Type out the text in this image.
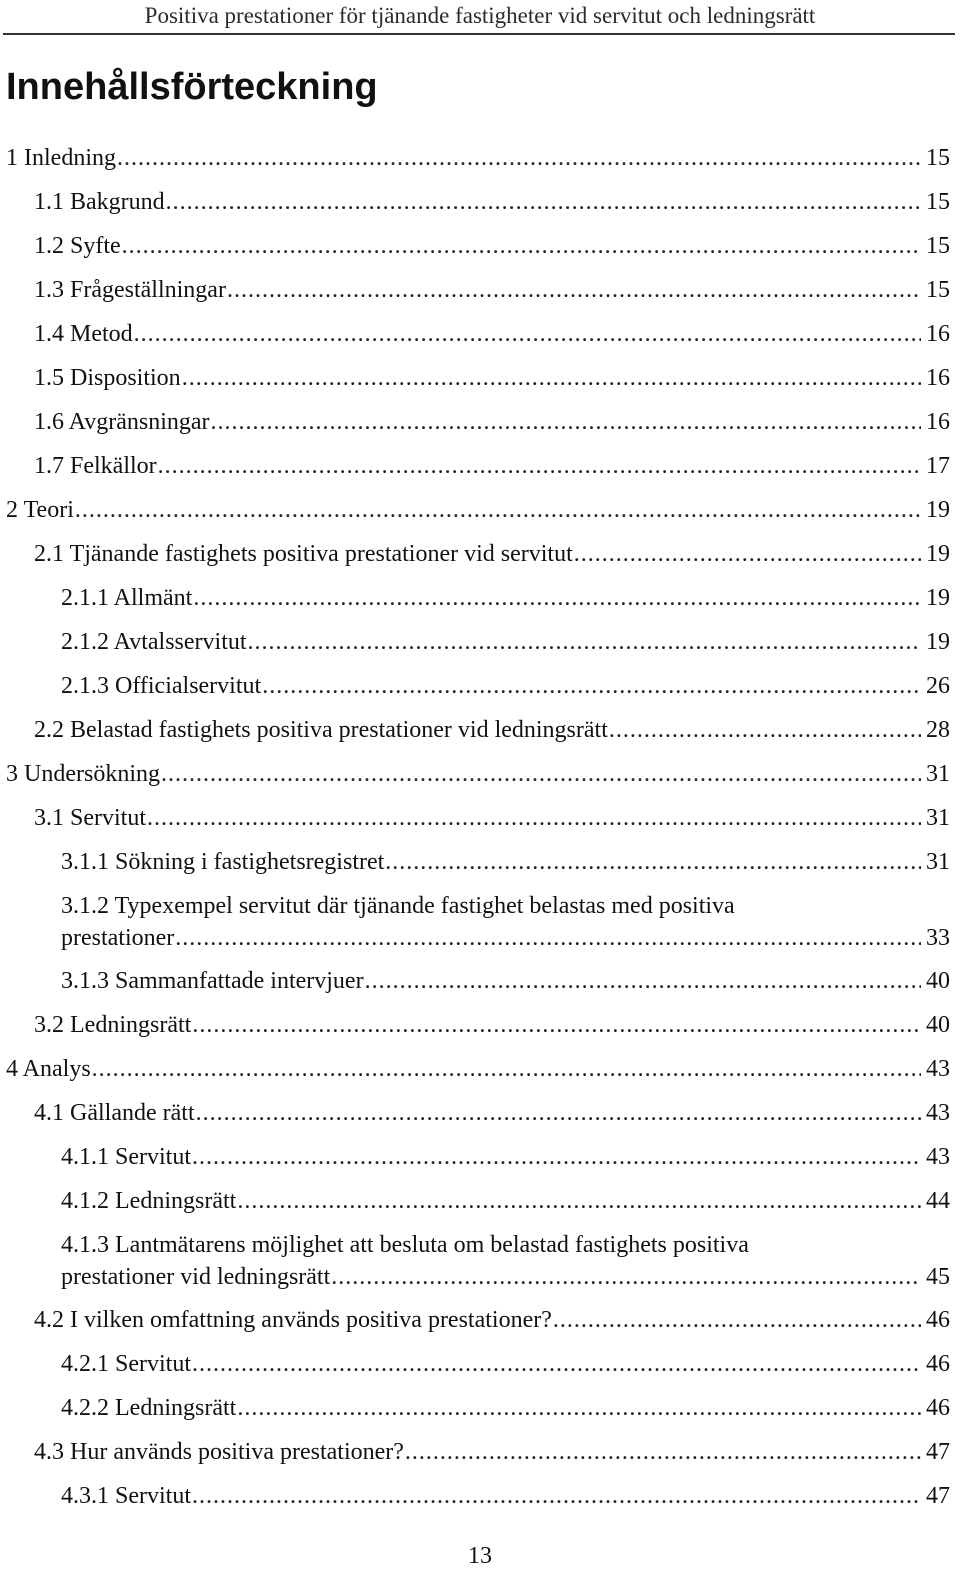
Positiva prestationer för tjänande fastigheter vid servitut och ledningsrätt
Innehållsförteckning
1 Inledning .....	15
1.1 Bakgrund .....	15
1.2 Syfte .....	15
1.3 Frågeställningar .....	15
1.4 Metod .....	16
1.5 Disposition .....	16
1.6 Avgränsningar .....	16
1.7 Felkällor .....	17
2 Teori .....	19
2.1 Tjänande fastighets positiva prestationer vid servitut .....	19
2.1.1 Allmänt .....	19
2.1.2 Avtalsservitut .....	19
2.1.3 Officialservitut .....	26
2.2 Belastad fastighets positiva prestationer vid ledningsrätt .....	28
3 Undersökning .....	31
3.1 Servitut .....	31
3.1.1 Sökning i fastighetsregistret .....	31
3.1.2 Typexempel servitut där tjänande fastighet belastas med positiva
prestationer .....	33
3.1.3 Sammanfattade intervjuer .....	40
3.2 Ledningsrätt .....	40
4 Analys .....	43
4.1 Gällande rätt .....	43
4.1.1 Servitut .....	43
4.1.2 Ledningsrätt .....	44
4.1.3 Lantmätarens möjlighet att besluta om belastad fastighets positiva
prestationer vid ledningsrätt .....	45
4.2 I vilken omfattning används positiva prestationer? .....	46
4.2.1 Servitut .....	46
4.2.2 Ledningsrätt .....	46
4.3 Hur används positiva prestationer? .....	47
4.3.1 Servitut .....	47
13
